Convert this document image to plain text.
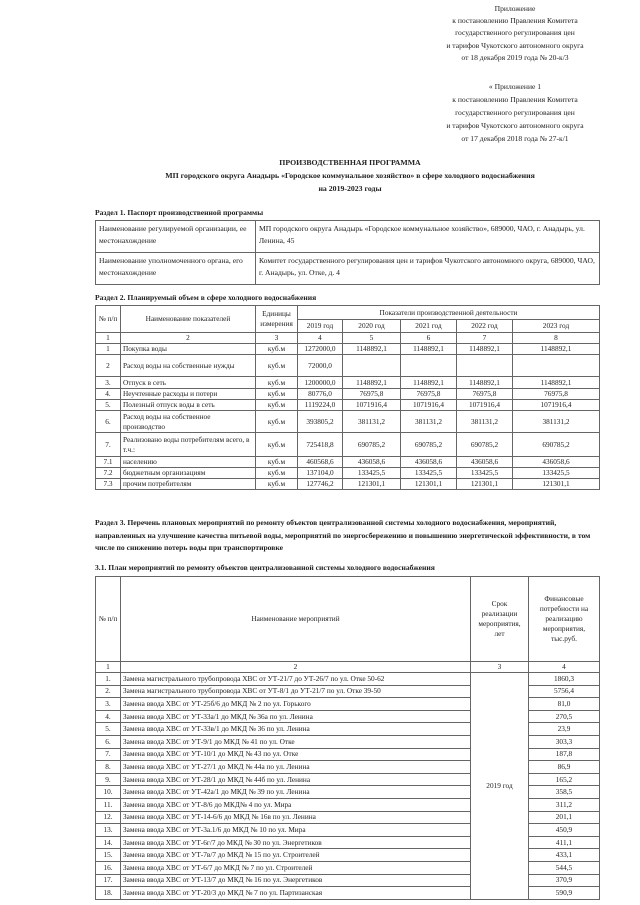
Приложение
к постановлению Правления Комитета
государственного регулирования цен
и тарифов Чукотского автономного округа
от 18 декабря 2019 года № 20-к/3
« Приложение 1
к постановлению Правления Комитета
государственного регулирования цен
и тарифов Чукотского автономного округа
от 17 декабря 2018 года № 27-к/1
ПРОИЗВОДСТВЕННАЯ ПРОГРАММА
МП городского округа Анадырь «Городское коммунальное хозяйство» в сфере холодного водоснабжения
на 2019-2023 годы
Раздел 1. Паспорт производственной программы
Наименование регулируемой организации, ее местонахождение	МП городского округа Анадырь «Городское коммунальное хозяйство», 689000, ЧАО, г. Анадырь, ул. Ленина, 45
Наименование уполномоченного органа, его местонахождение	Комитет государственного регулирования цен и тарифов Чукотского автономного округа, 689000, ЧАО, г. Анадырь, ул. Отке, д. 4
Раздел 2. Планируемый объем в сфере холодного водоснабжения
№ п/п	Наименование показателей	Единицы измерения	Показатели производственной деятельности				
			2019 год	2020 год	2021 год	2022 год	2023 год
1	2	3	4	5	6	7	8
1	Покупка воды	куб.м	1272000,0	1148892,1	1148892,1	1148892,1	1148892,1
2	Расход воды на собственные нужды	куб.м	72000,0				
3.	Отпуск в сеть	куб.м	1200000,0	1148892,1	1148892,1	1148892,1	1148892,1
4.	Неучтенные расходы и потери	куб.м	80776,0	76975,8	76975,8	76975,8	76975,8
5.	Полезный отпуск воды в сеть	куб.м	1119224,0	1071916,4	1071916,4	1071916,4	1071916,4
6.	Расход воды на собственное производство	куб.м	393805,2	381131,2	381131,2	381131,2	381131,2
7.	Реализовано воды потребителям всего, в т.ч.:	куб.м	725418,8	690785,2	690785,2	690785,2	690785,2
7.1	населению	куб.м	460568,6	436058,6	436058,6	436058,6	436058,6
7.2	бюджетным организациям	куб.м	137104,0	133425,5	133425,5	133425,5	133425,5
7.3	прочим потребителям	куб.м	127746,2	121301,1	121301,1	121301,1	121301,1
Раздел 3. Перечень плановых мероприятий по ремонту объектов централизованной системы холодного водоснабжения, мероприятий, направленных на улучшение качества питьевой воды, мероприятий по энергосбережению и повышению энергетической эффективности, в том числе по снижению потерь воды при транспортировке
3.1. План мероприятий по ремонту объектов централизованной системы холодного водоснабжения
№ п/п	Наименование мероприятий	Срок реализации мероприятия, лет	Финансовые потребности на реализацию мероприятия, тыс.руб.
1	2	3	4
1.	Замена магистрального трубопровода ХВС от УТ-21/7 до УТ-26/7 по ул. Отке 50-62	2019 год	1860,3
2.	Замена магистрального трубопровода ХВС от УТ-8/1 до УТ-21/7 по ул. Отке 39-50		5756,4
3.	Замена ввода ХВС от УТ-25б/6 до МКД № 2 по ул. Горького		81,0
4.	Замена ввода ХВС от УТ-33а/1 до МКД № 36а по ул. Ленина		270,5
5.	Замена ввода ХВС от УТ-33в/1 до МКД № 36 по ул. Ленина		23,9
6.	Замена ввода ХВС от УТ-9/1 до МКД № 41 по ул. Отке		303,3
7.	Замена ввода ХВС от УТ-10/1 до МКД № 43 по ул. Отке		187,8
8.	Замена ввода ХВС от УТ-27/1 до МКД № 44а по ул. Ленина		86,9
9.	Замена ввода ХВС от УТ-28/1 до МКД № 44б по ул. Ленина		165,2
10.	Замена ввода ХВС от УТ-42а/1 до МКД № 39 по ул. Ленина		358,5
11.	Замена ввода ХВС от УТ-8/6 до МКД№ 4 по ул. Мира		311,2
12.	Замена ввода ХВС от УТ-14-6/6 до МКД № 16в по ул. Ленина		201,1
13.	Замена ввода ХВС от УТ-3а.1/6 до МКД № 10 по ул. Мира		450,9
14.	Замена ввода ХВС от УТ-6г/7 до МКД № 30 по ул. Энергетиков		411,1
15.	Замена ввода ХВС от УТ-7в/7 до МКД № 15 по ул. Строителей		433,1
16.	Замена ввода ХВС от УТ-6/7 до МКД № 7 по ул. Строителей		544,5
17.	Замена ввода ХВС от УТ-13/7 до МКД № 16 по ул. Энергетиков		370,9
18.	Замена ввода ХВС от УТ-20/3 до МКД № 7 по ул. Партизанская		590,9
